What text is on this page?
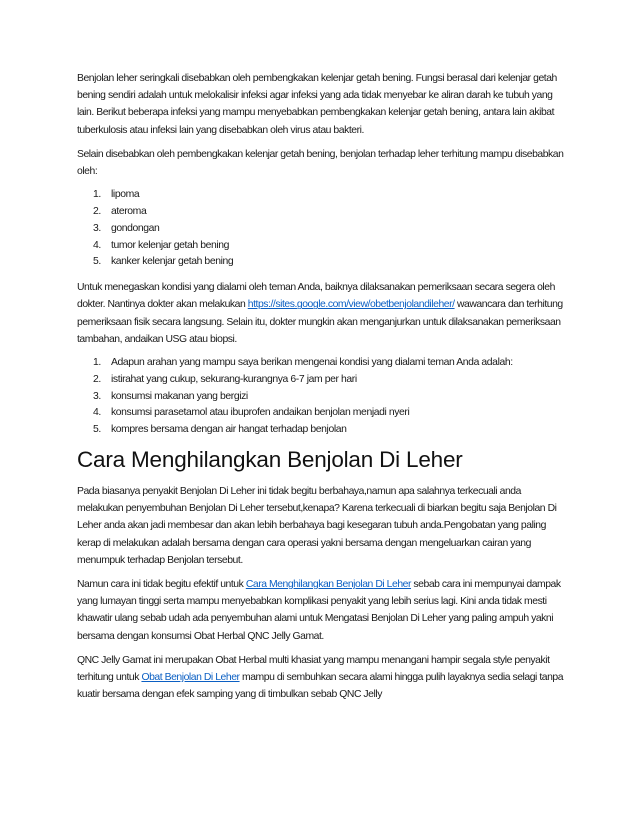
Benjolan leher seringkali disebabkan oleh pembengkakan kelenjar getah bening. Fungsi berasal dari kelenjar getah bening sendiri adalah untuk melokalisir infeksi agar infeksi yang ada tidak menyebar ke aliran darah ke tubuh yang lain. Berikut beberapa infeksi yang mampu menyebabkan pembengkakan kelenjar getah bening, antara lain akibat tuberkulosis atau infeksi lain yang disebabkan oleh virus atau bakteri.

Selain disebabkan oleh pembengkakan kelenjar getah bening, benjolan terhadap leher terhitung mampu disebabkan oleh:

1. lipoma
2. ateroma
3. gondongan
4. tumor kelenjar getah bening
5. kanker kelenjar getah bening

Untuk menegaskan kondisi yang dialami oleh teman Anda, baiknya dilaksanakan pemeriksaan secara segera oleh dokter. Nantinya dokter akan melakukan https://sites.google.com/view/obetbenjolandileher/ wawancara dan terhitung pemeriksaan fisik secara langsung. Selain itu, dokter mungkin akan menganjurkan untuk dilaksanakan pemeriksaan tambahan, andaikan USG atau biopsi.

1. Adapun arahan yang mampu saya berikan mengenai kondisi yang dialami teman Anda adalah:
2. istirahat yang cukup, sekurang-kurangnya 6-7 jam per hari
3. konsumsi makanan yang bergizi
4. konsumsi parasetamol atau ibuprofen andaikan benjolan menjadi nyeri
5. kompres bersama dengan air hangat terhadap benjolan
Cara Menghilangkan Benjolan Di Leher

Pada biasanya penyakit Benjolan Di Leher ini tidak begitu berbahaya,namun apa salahnya terkecuali anda melakukan penyembuhan Benjolan Di Leher tersebut,kenapa? Karena terkecuali di biarkan begitu saja Benjolan Di Leher anda akan jadi membesar dan akan lebih berbahaya bagi kesegaran tubuh anda.Pengobatan yang paling kerap di melakukan adalah bersama dengan cara operasi yakni bersama dengan mengeluarkan cairan yang menumpuk terhadap Benjolan tersebut.

Namun cara ini tidak begitu efektif untuk Cara Menghilangkan Benjolan Di Leher sebab cara ini mempunyai dampak yang lumayan tinggi serta mampu menyebabkan komplikasi penyakit yang lebih serius lagi. Kini anda tidak mesti khawatir ulang sebab udah ada penyembuhan alami untuk Mengatasi Benjolan Di Leher yang paling ampuh yakni bersama dengan konsumsi Obat Herbal QNC Jelly Gamat.

QNC Jelly Gamat ini merupakan Obat Herbal multi khasiat yang mampu menangani hampir segala style penyakit terhitung untuk Obat Benjolan Di Leher mampu di sembuhkan secara alami hingga pulih layaknya sedia selagi tanpa kuatir bersama dengan efek samping yang di timbulkan sebab QNC Jelly
